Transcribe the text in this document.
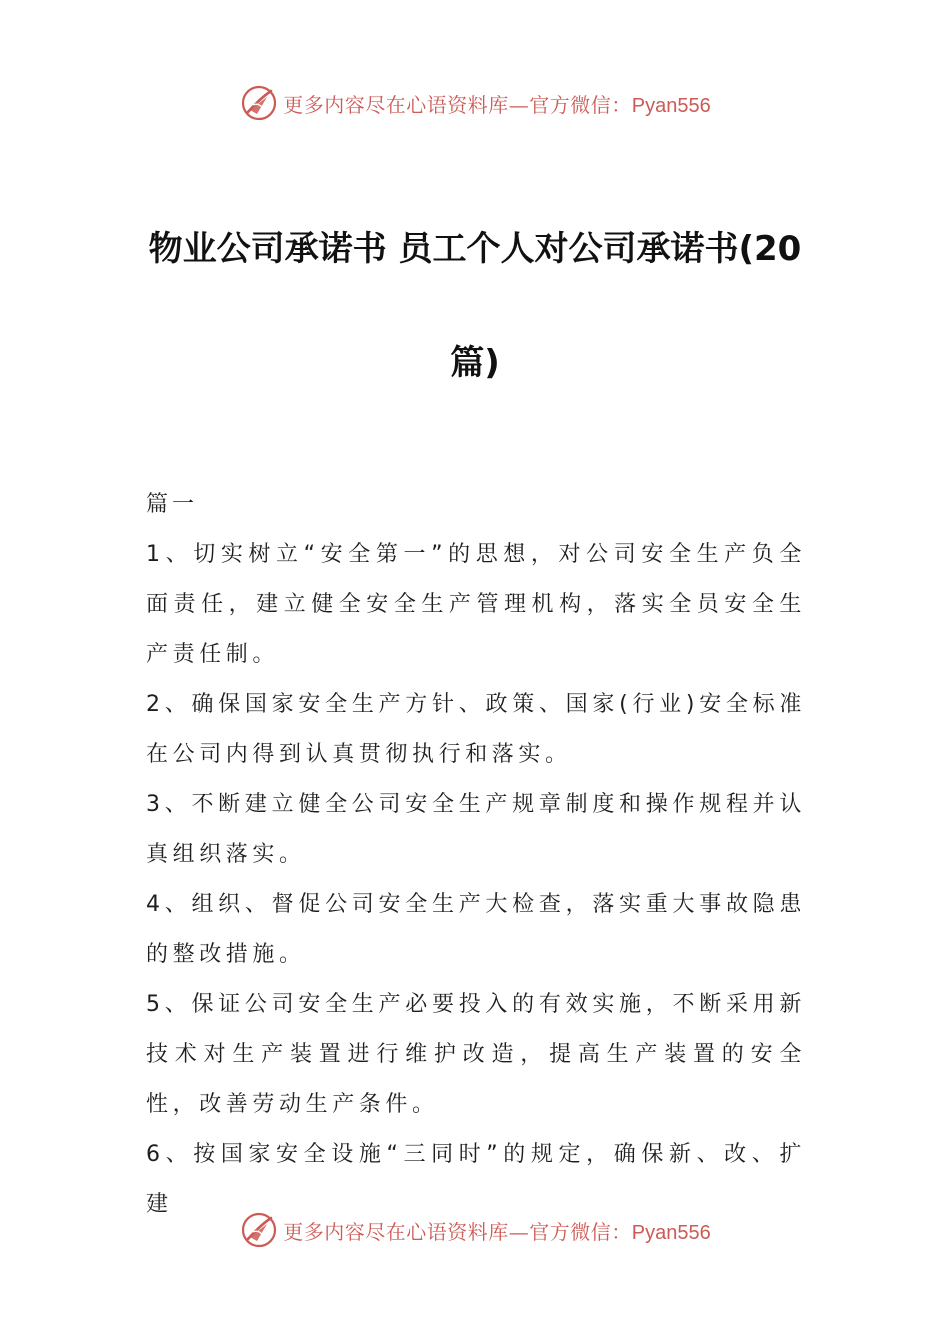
更多内容尽在心语资料库—官方微信：Pyan556
物业公司承诺书 员工个人对公司承诺书(20
篇)
篇一

1、切实树立“安全第一”的思想，对公司安全生产负全面责任，建立健全安全生产管理机构，落实全员安全生产责任制。

2、确保国家安全生产方针、政策、国家(行业)安全标准在公司内得到认真贯彻执行和落实。

3、不断建立健全公司安全生产规章制度和操作规程并认真组织落实。

4、组织、督促公司安全生产大检查，落实重大事故隐患的整改措施。

5、保证公司安全生产必要投入的有效实施，不断采用新技术对生产装置进行维护改造，提高生产装置的安全性，改善劳动生产条件。

6、按国家安全设施“三同时”的规定，确保新、改、扩建

更多内容尽在心语资料库—官方微信：Pyan556
